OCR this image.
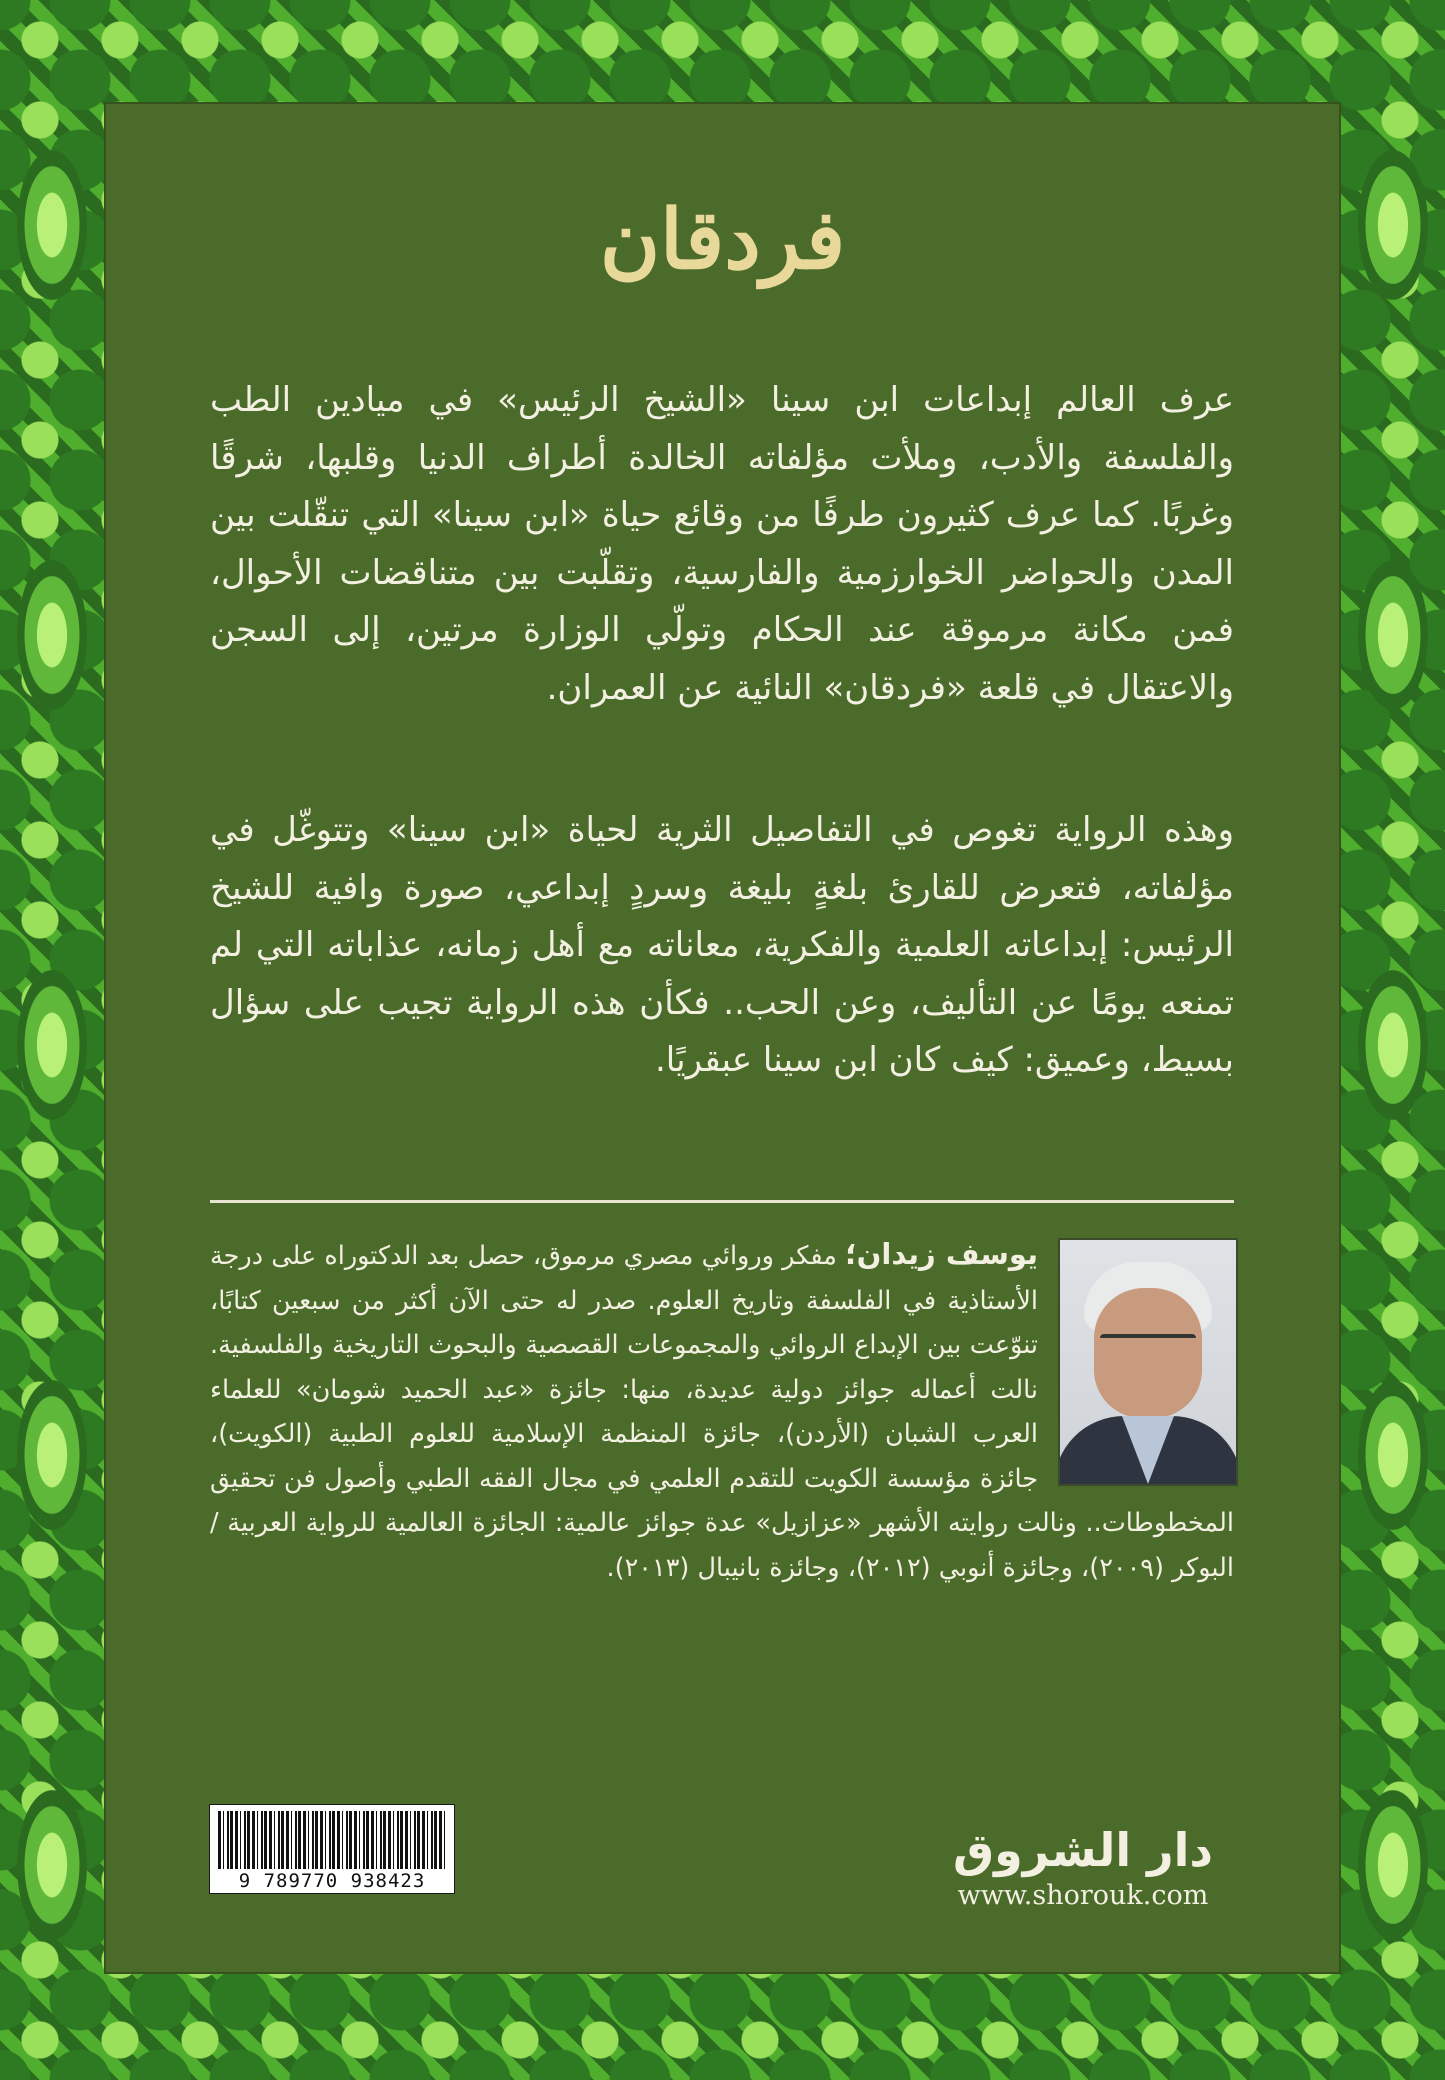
فردقان

عرف العالم إبداعات ابن سينا «الشيخ الرئيس» في ميادين الطب والفلسفة والأدب، وملأت مؤلفاته الخالدة أطراف الدنيا وقلبها، شرقًا وغربًا. كما عرف كثيرون طرفًا من وقائع حياة «ابن سينا» التي تنقّلت بين المدن والحواضر الخوارزمية والفارسية، وتقلّبت بين متناقضات الأحوال، فمن مكانة مرموقة عند الحكام وتولّي الوزارة مرتين، إلى السجن والاعتقال في قلعة «فردقان» النائية عن العمران.

وهذه الرواية تغوص في التفاصيل الثرية لحياة «ابن سينا» وتتوغّل في مؤلفاته، فتعرض للقارئ بلغةٍ بليغة وسردٍ إبداعي، صورة وافية للشيخ الرئيس: إبداعاته العلمية والفكرية، معاناته مع أهل زمانه، عذاباته التي لم تمنعه يومًا عن التأليف، وعن الحب.. فكأن هذه الرواية تجيب على سؤال بسيط، وعميق: كيف كان ابن سينا عبقريًا.

يوسف زيدان؛ مفكر وروائي مصري مرموق، حصل بعد الدكتوراه على درجة الأستاذية في الفلسفة وتاريخ العلوم. صدر له حتى الآن أكثر من سبعين كتابًا، تنوّعت بين الإبداع الروائي والمجموعات القصصية والبحوث التاريخية والفلسفية. نالت أعماله جوائز دولية عديدة، منها: جائزة «عبد الحميد شومان» للعلماء العرب الشبان (الأردن)، جائزة المنظمة الإسلامية للعلوم الطبية (الكويت)، جائزة مؤسسة الكويت للتقدم العلمي في مجال الفقه الطبي وأصول فن تحقيق المخطوطات.. ونالت روايته الأشهر «عزازيل» عدة جوائز عالمية: الجائزة العالمية للرواية العربية / البوكر (٢٠٠٩)، وجائزة أنوبي (٢٠١٢)، وجائزة بانيبال (٢٠١٣).

9 789770 938423
دار الشروق
www.shorouk.com
